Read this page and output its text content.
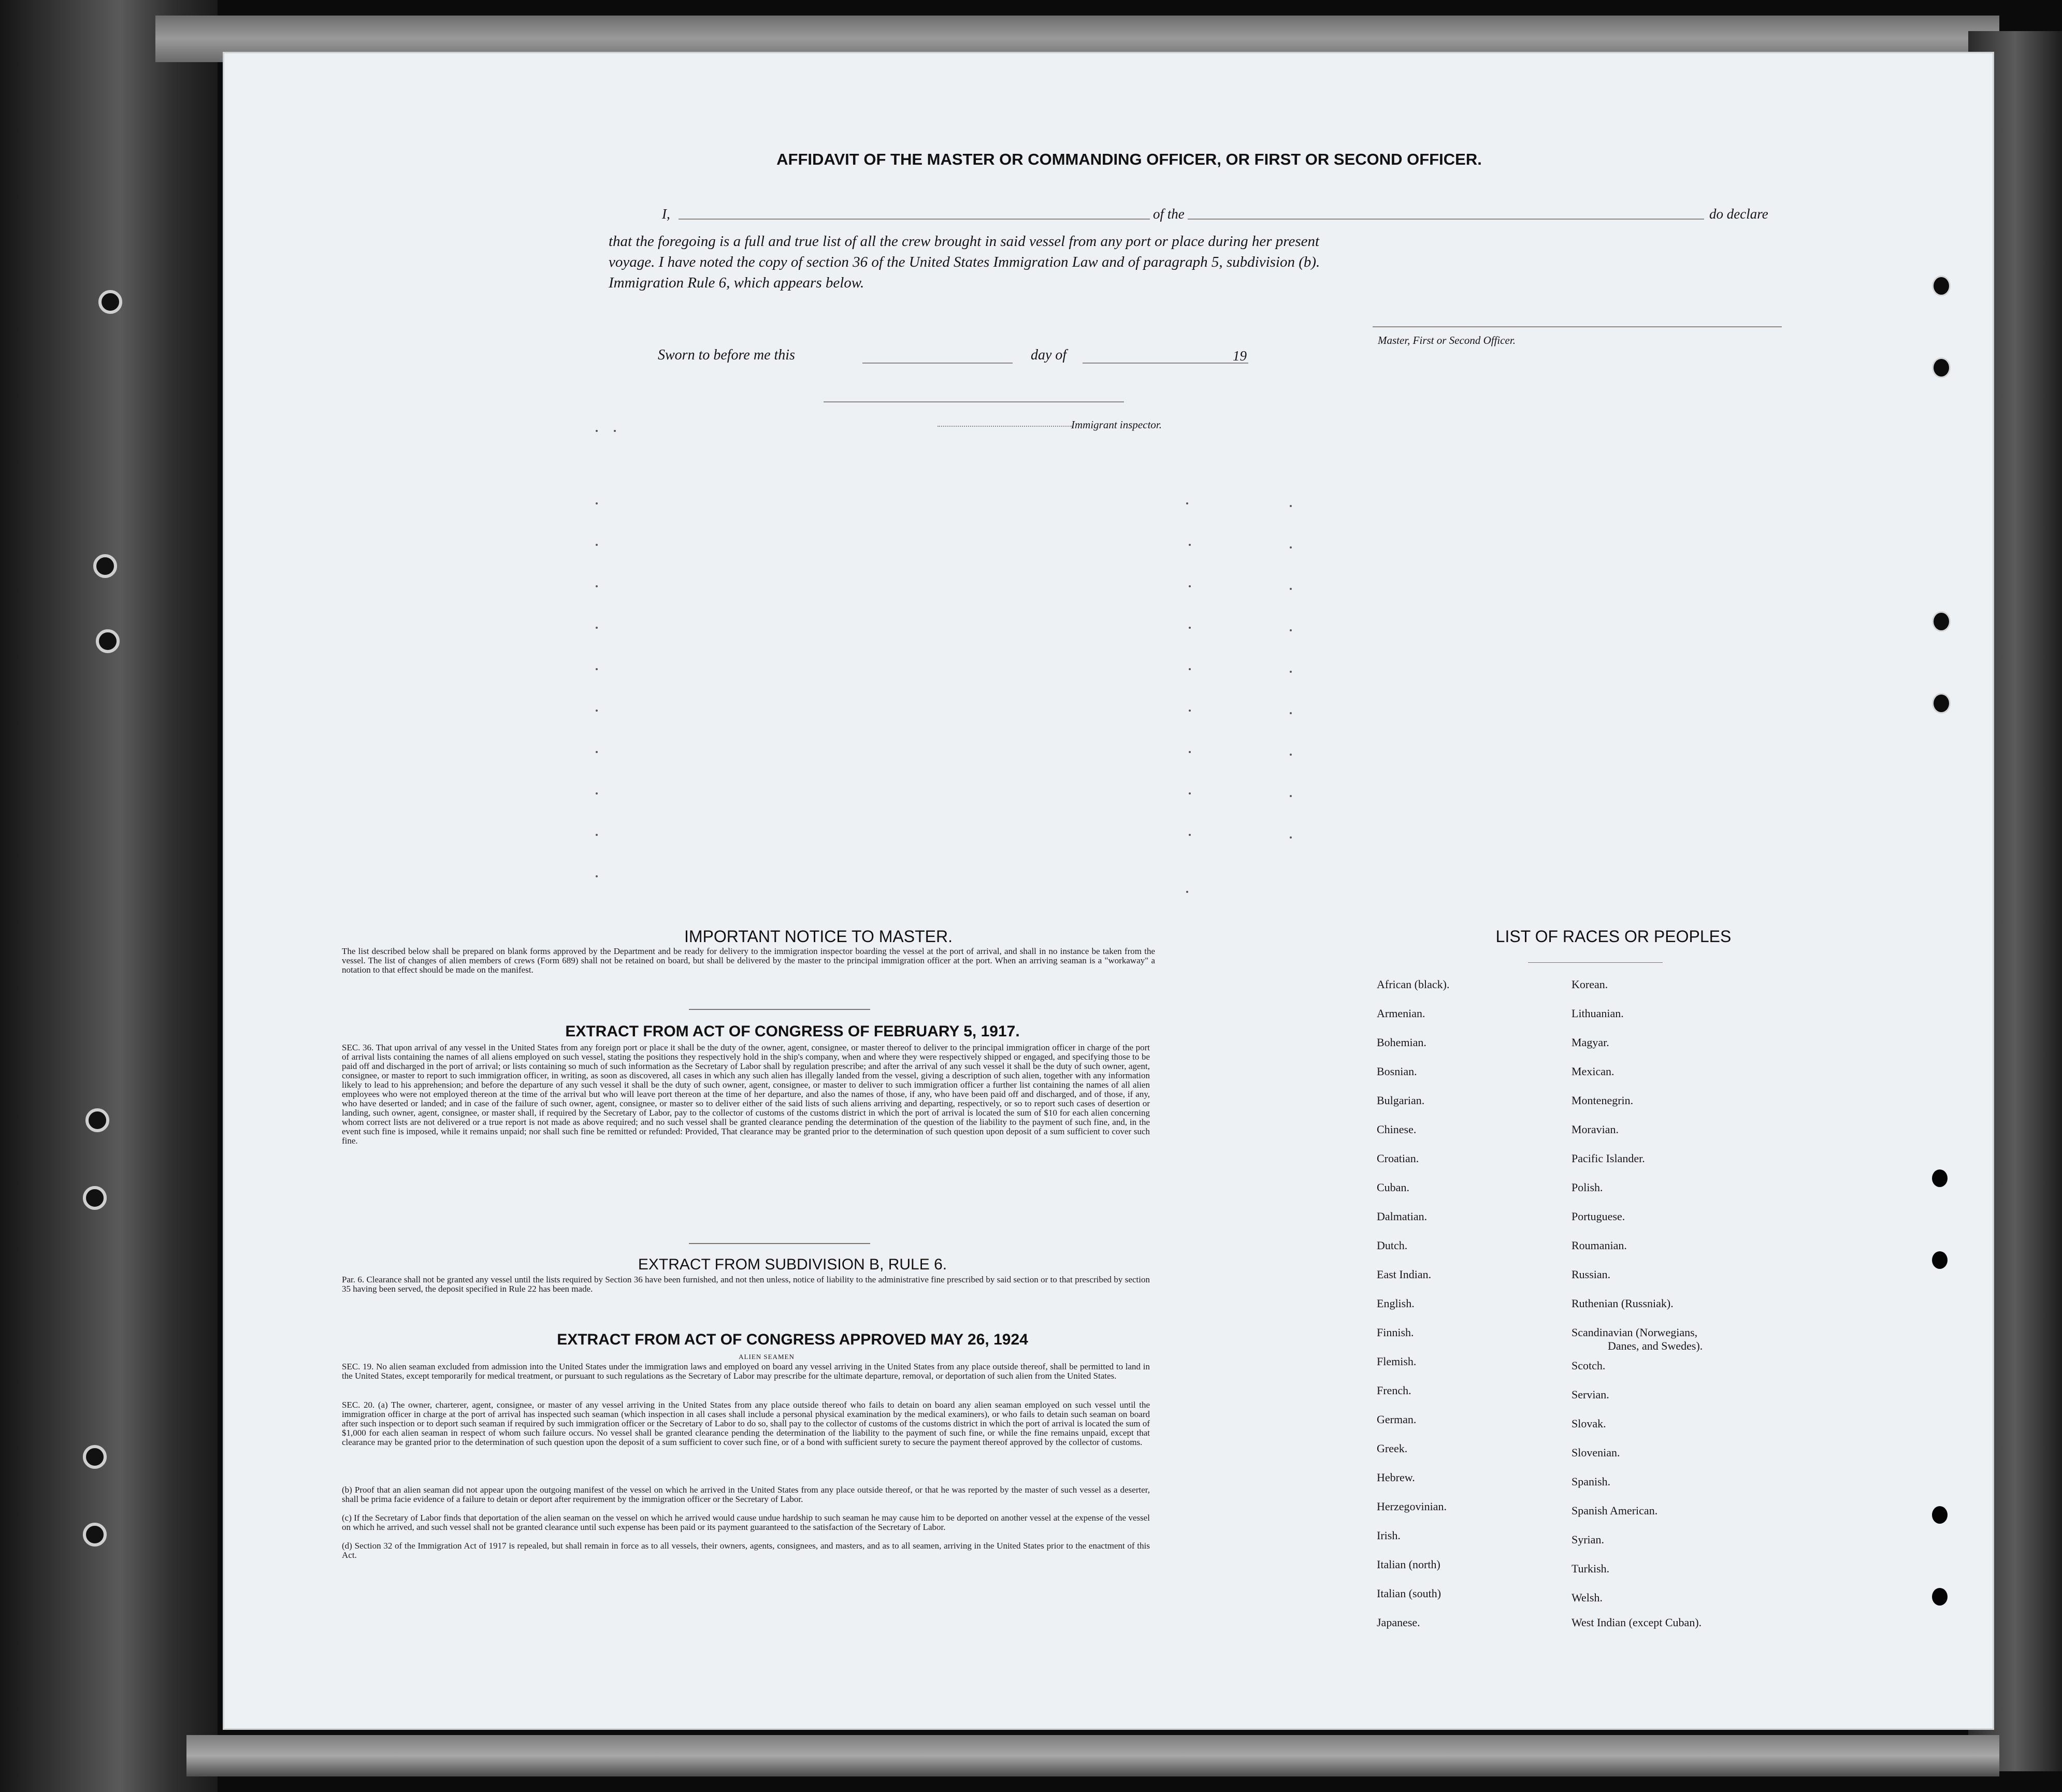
AFFIDAVIT OF THE MASTER OR COMMANDING OFFICER, OR FIRST OR SECOND OFFICER.
I,	of the	do declare
that the foregoing is a full and true list of all the crew brought in said vessel from any port or place during her present
voyage. I have noted the copy of section 36 of the United States Immigration Law and of paragraph 5, subdivision (b).
Immigration Rule 6, which appears below.
Master, First or Second Officer.
Sworn to before me this	day of	19
Immigrant inspector.
IMPORTANT NOTICE TO MASTER.
The list described below shall be prepared on blank forms approved by the Department and be ready for delivery to the immigration inspector boarding the vessel at the port of arrival, and shall in no instance be taken from the vessel. The list of changes of alien members of crews (Form 689) shall not be retained on board, but shall be delivered by the master to the principal immigration officer at the port. When an arriving seaman is a "workaway" a notation to that effect should be made on the manifest.
EXTRACT FROM ACT OF CONGRESS OF FEBRUARY 5, 1917.
SEC. 36. That upon arrival of any vessel in the United States from any foreign port or place it shall be the duty of the owner, agent, consignee, or master thereof to deliver to the principal immigration officer in charge of the port of arrival lists containing the names of all aliens employed on such vessel, stating the positions they respectively hold in the ship's company, when and where they were respectively shipped or engaged, and specifying those to be paid off and discharged in the port of arrival; or lists containing so much of such information as the Secretary of Labor shall by regulation prescribe; and after the arrival of any such vessel it shall be the duty of such owner, agent, consignee, or master to report to such immigration officer, in writing, as soon as discovered, all cases in which any such alien has illegally landed from the vessel, giving a description of such alien, together with any information likely to lead to his apprehension; and before the departure of any such vessel it shall be the duty of such owner, agent, consignee, or master to deliver to such immigration officer a further list containing the names of all alien employees who were not employed thereon at the time of the arrival but who will leave port thereon at the time of her departure, and also the names of those, if any, who have been paid off and discharged, and of those, if any, who have deserted or landed; and in case of the failure of such owner, agent, consignee, or master so to deliver either of the said lists of such aliens arriving and departing, respectively, or so to report such cases of desertion or landing, such owner, agent, consignee, or master shall, if required by the Secretary of Labor, pay to the collector of customs of the customs district in which the port of arrival is located the sum of $10 for each alien concerning whom correct lists are not delivered or a true report is not made as above required; and no such vessel shall be granted clearance pending the determination of the question of the liability to the payment of such fine, and, in the event such fine is imposed, while it remains unpaid; nor shall such fine be remitted or refunded: Provided, That clearance may be granted prior to the determination of such question upon deposit of a sum sufficient to cover such fine.
EXTRACT FROM SUBDIVISION B, RULE 6.
Par. 6. Clearance shall not be granted any vessel until the lists required by Section 36 have been furnished, and not then unless, notice of liability to the administrative fine prescribed by said section or to that prescribed by section 35 having been served, the deposit specified in Rule 22 has been made.
EXTRACT FROM ACT OF CONGRESS APPROVED MAY 26, 1924
ALIEN SEAMEN
SEC. 19. No alien seaman excluded from admission into the United States under the immigration laws and employed on board any vessel arriving in the United States from any place outside thereof, shall be permitted to land in the United States, except temporarily for medical treatment, or pursuant to such regulations as the Secretary of Labor may prescribe for the ultimate departure, removal, or deportation of such alien from the United States.
SEC. 20. (a) The owner, charterer, agent, consignee, or master of any vessel arriving in the United States from any place outside thereof who fails to detain on board any alien seaman employed on such vessel until the immigration officer in charge at the port of arrival has inspected such seaman (which inspection in all cases shall include a personal physical examination by the medical examiners), or who fails to detain such seaman on board after such inspection or to deport such seaman if required by such immigration officer or the Secretary of Labor to do so, shall pay to the collector of customs of the customs district in which the port of arrival is located the sum of $1,000 for each alien seaman in respect of whom such failure occurs. No vessel shall be granted clearance pending the determination of the liability to the payment of such fine, or while the fine remains unpaid, except that clearance may be granted prior to the determination of such question upon the deposit of a sum sufficient to cover such fine, or of a bond with sufficient surety to secure the payment thereof approved by the collector of customs.
(b) Proof that an alien seaman did not appear upon the outgoing manifest of the vessel on which he arrived in the United States from any place outside thereof, or that he was reported by the master of such vessel as a deserter, shall be prima facie evidence of a failure to detain or deport after requirement by the immigration officer or the Secretary of Labor.
(c) If the Secretary of Labor finds that deportation of the alien seaman on the vessel on which he arrived would cause undue hardship to such seaman he may cause him to be deported on another vessel at the expense of the vessel on which he arrived, and such vessel shall not be granted clearance until such expense has been paid or its payment guaranteed to the satisfaction of the Secretary of Labor.
(d) Section 32 of the Immigration Act of 1917 is repealed, but shall remain in force as to all vessels, their owners, agents, consignees, and masters, and as to all seamen, arriving in the United States prior to the enactment of this Act.
LIST OF RACES OR PEOPLES
African (black).
Armenian.
Bohemian.
Bosnian.
Bulgarian.
Chinese.
Croatian.
Cuban.
Dalmatian.
Dutch.
East Indian.
English.
Finnish.
Flemish.
French.
German.
Greek.
Hebrew.
Herzegovinian.
Irish.
Italian (north)
Italian (south)
Japanese.
Korean.
Lithuanian.
Magyar.
Mexican.
Montenegrin.
Moravian.
Pacific Islander.
Polish.
Portuguese.
Roumanian.
Russian.
Ruthenian (Russniak).
Scandinavian (Norwegians,
Danes, and Swedes).
Scotch.
Servian.
Slovak.
Slovenian.
Spanish.
Spanish American.
Syrian.
Turkish.
Welsh.
West Indian (except Cuban).
